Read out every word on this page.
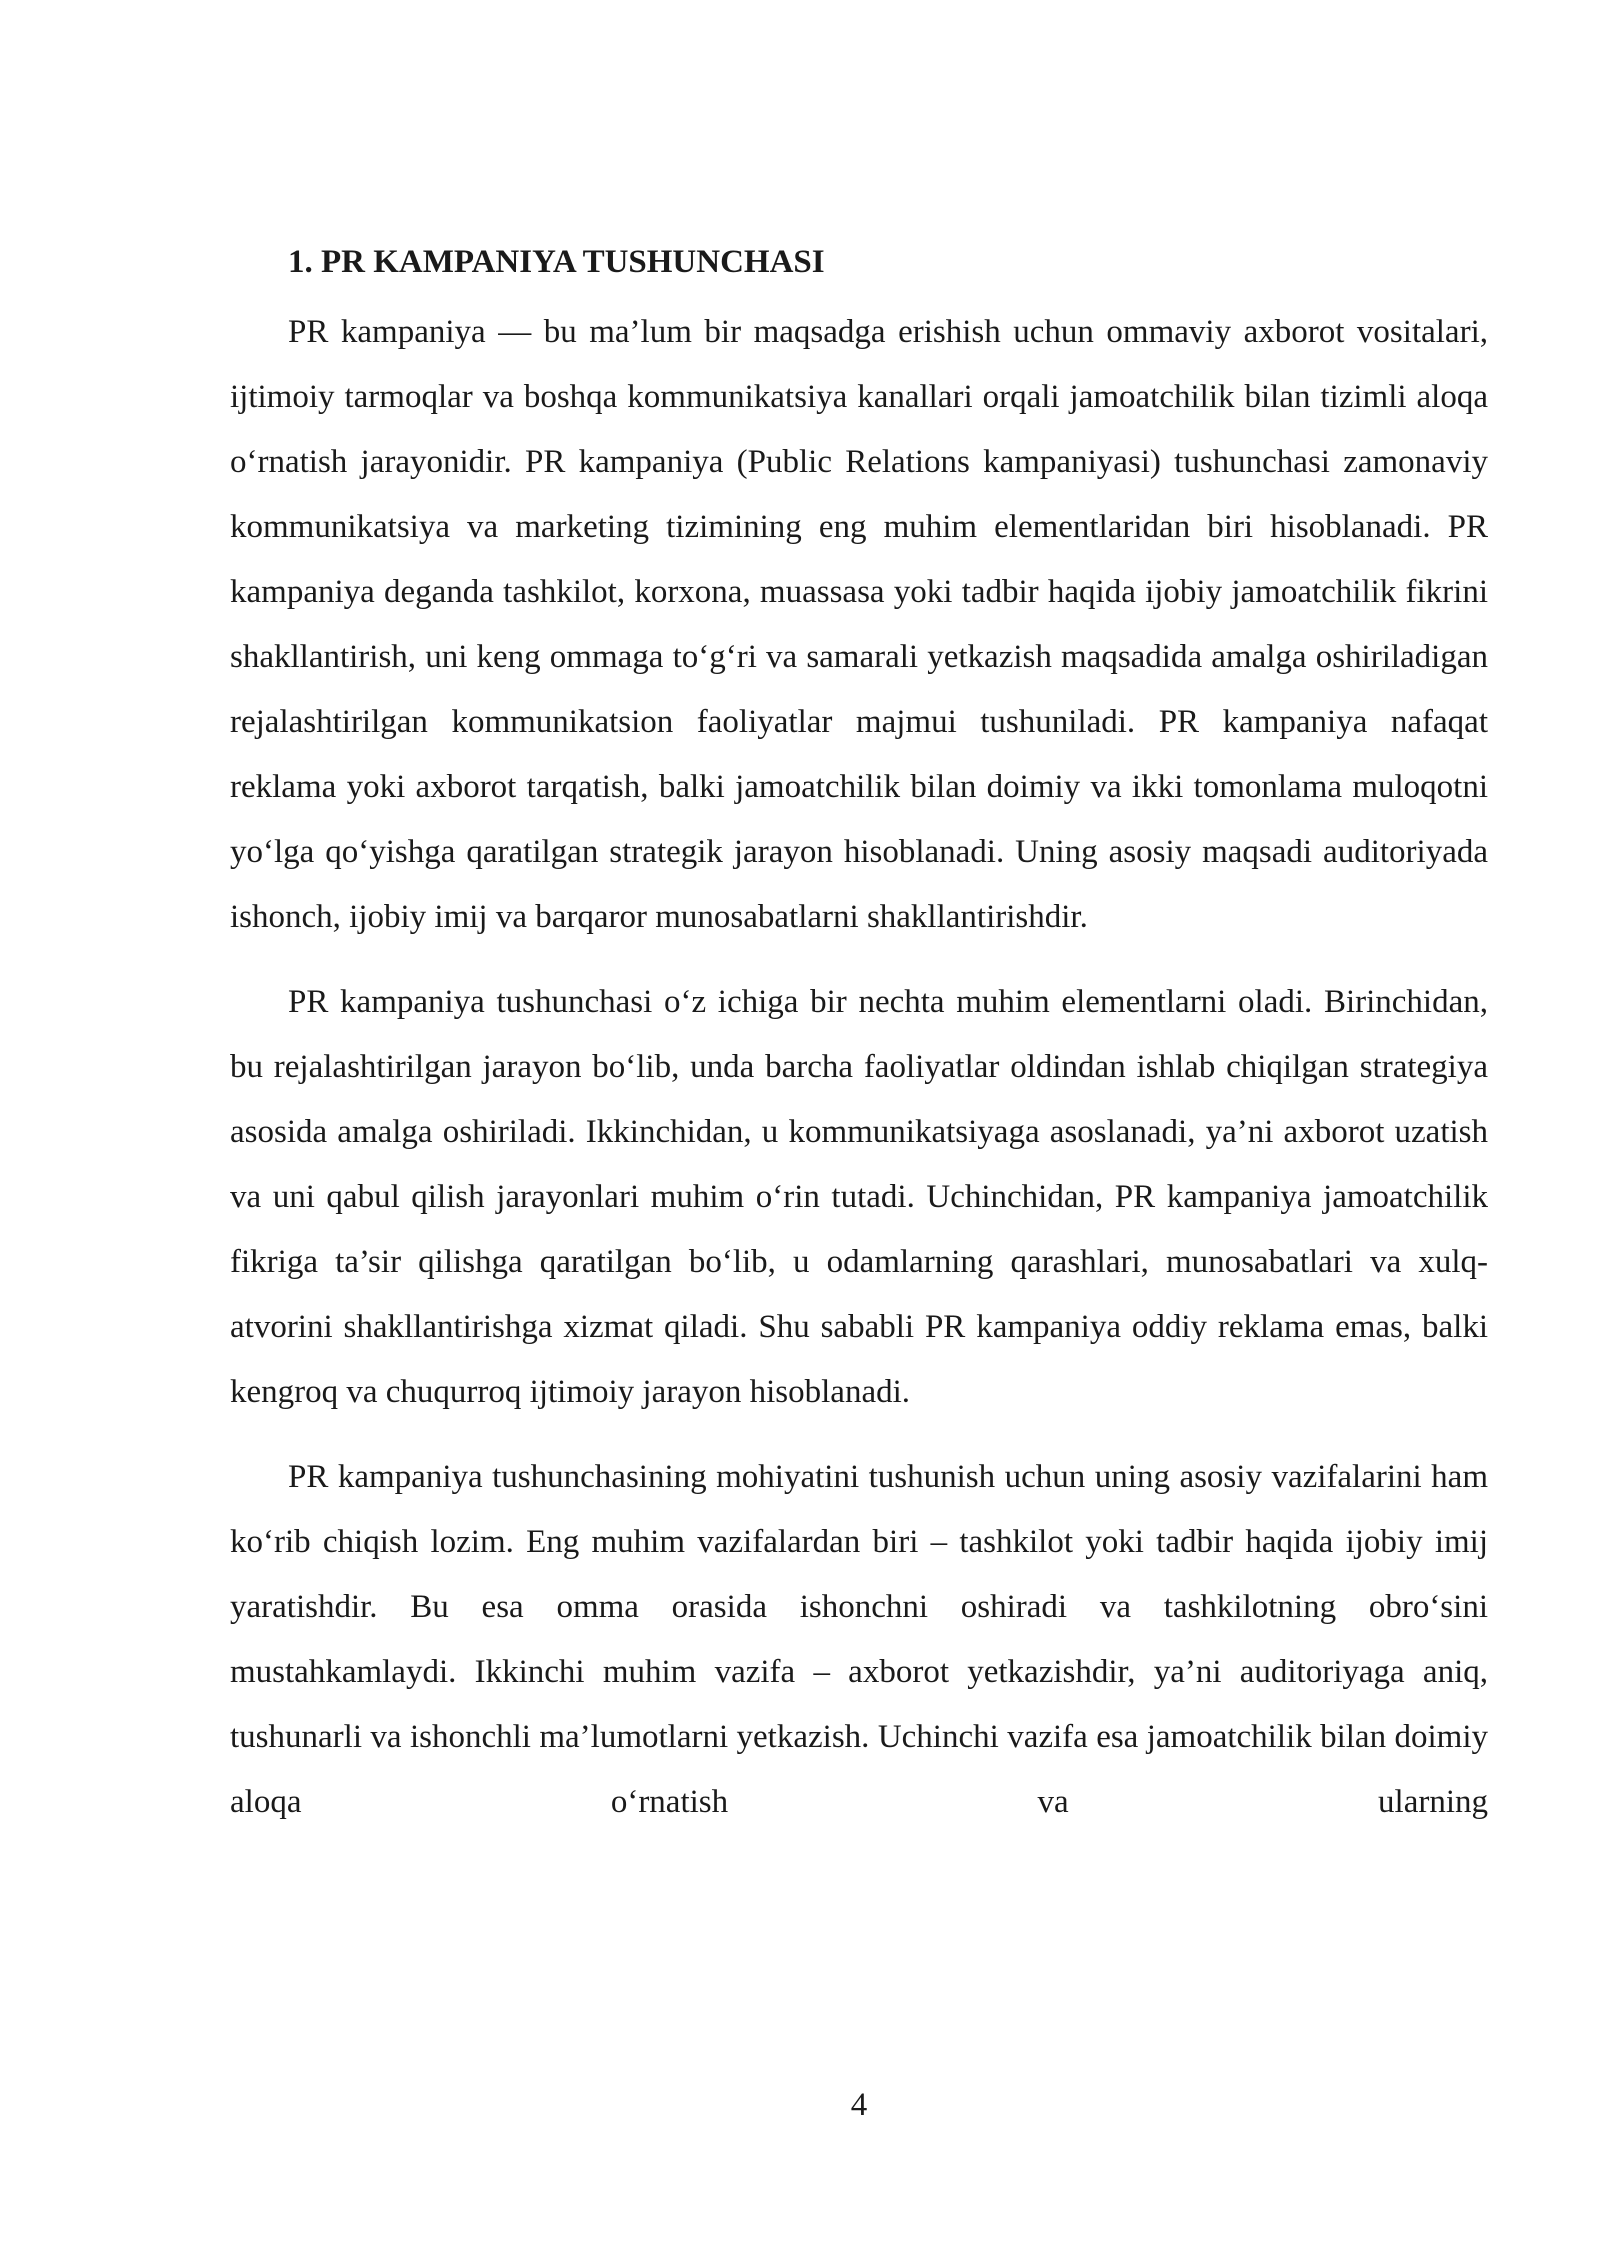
1. PR KAMPANIYA TUSHUNCHASI

PR kampaniya — bu ma’lum bir maqsadga erishish uchun ommaviy axborot vositalari, ijtimoiy tarmoqlar va boshqa kommunikatsiya kanallari orqali jamoatchilik bilan tizimli aloqa o‘rnatish jarayonidir. PR kampaniya (Public Relations kampaniyasi) tushunchasi zamonaviy kommunikatsiya va marketing tizimining eng muhim elementlaridan biri hisoblanadi. PR kampaniya deganda tashkilot, korxona, muassasa yoki tadbir haqida ijobiy jamoatchilik fikrini shakllantirish, uni keng ommaga to‘g‘ri va samarali yetkazish maqsadida amalga oshiriladigan rejalashtirilgan kommunikatsion faoliyatlar majmui tushuniladi. PR kampaniya nafaqat reklama yoki axborot tarqatish, balki jamoatchilik bilan doimiy va ikki tomonlama muloqotni yo‘lga qo‘yishga qaratilgan strategik jarayon hisoblanadi. Uning asosiy maqsadi auditoriyada ishonch, ijobiy imij va barqaror munosabatlarni shakllantirishdir.

PR kampaniya tushunchasi o‘z ichiga bir nechta muhim elementlarni oladi. Birinchidan, bu rejalashtirilgan jarayon bo‘lib, unda barcha faoliyatlar oldindan ishlab chiqilgan strategiya asosida amalga oshiriladi. Ikkinchidan, u kommunikatsiyaga asoslanadi, ya’ni axborot uzatish va uni qabul qilish jarayonlari muhim o‘rin tutadi. Uchinchidan, PR kampaniya jamoatchilik fikriga ta’sir qilishga qaratilgan bo‘lib, u odamlarning qarashlari, munosabatlari va xulq-atvorini shakllantirishga xizmat qiladi. Shu sababli PR kampaniya oddiy reklama emas, balki kengroq va chuqurroq ijtimoiy jarayon hisoblanadi.

PR kampaniya tushunchasining mohiyatini tushunish uchun uning asosiy vazifalarini ham ko‘rib chiqish lozim. Eng muhim vazifalardan biri – tashkilot yoki tadbir haqida ijobiy imij yaratishdir. Bu esa omma orasida ishonchni oshiradi va tashkilotning obro‘sini mustahkamlaydi. Ikkinchi muhim vazifa – axborot yetkazishdir, ya’ni auditoriyaga aniq, tushunarli va ishonchli ma’lumotlarni yetkazish. Uchinchi vazifa esa jamoatchilik bilan doimiy aloqa o‘rnatish va ularning

4
